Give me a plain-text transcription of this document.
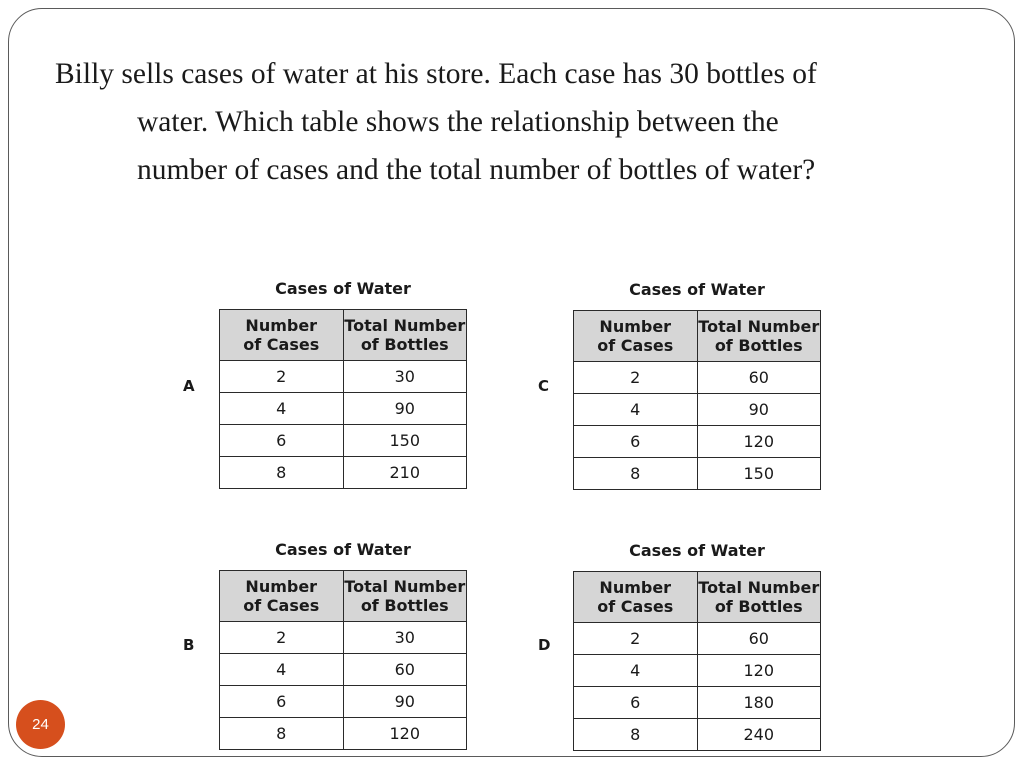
Billy sells cases of water at his store. Each case has 30 bottles of
water. Which table shows the relationship between the
number of cases and the total number of bottles of water?

A
Cases of Water
Number
of Cases	Total Number
of Bottles
2	30
4	90
6	150
8	210
C
Cases of Water
Number
of Cases	Total Number
of Bottles
2	60
4	90
6	120
8	150
B
Cases of Water
Number
of Cases	Total Number
of Bottles
2	30
4	60
6	90
8	120
D
Cases of Water
Number
of Cases	Total Number
of Bottles
2	60
4	120
6	180
8	240
24
